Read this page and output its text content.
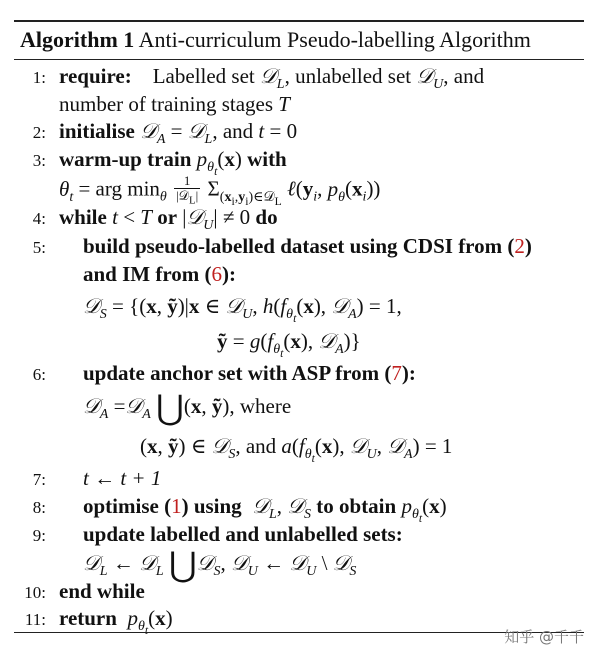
Algorithm 1 Anti-curriculum Pseudo-labelling Algorithm
1: require: Labelled set 𝒟$_L$, unlabelled set 𝒟$_U$, and
number of training stages T
2: initialise 𝒟$_A$ = 𝒟$_L$, and t = 0
3: warm-up train $p_{\theta_t}(x)$ with
$\theta_t$ = arg $\min_\theta \frac{1}{|𝒟_L|} \Sigma_{(x_i,y_i)\in 𝒟_L}$ $\ell(y_i$, $p_\theta(x_i)$)
4: while t < T or |𝒟$_U$| ≠ 0 do
5: build pseudo-labelled dataset using CDSI from (2)
and IM from (6):
𝒟$_S$ = {(x, ỹ)|x ∈ 𝒟$_U$, $h(f_{\theta_t}(x)$, 𝒟$_A$) = 1,
ỹ = $g(f_{\theta_t}(x)$, 𝒟$_A$)}
6: update anchor set with ASP from (7):
𝒟$_A$ =𝒟$_A$ ⋃(x, ỹ), where
(x, ỹ) ∈ 𝒟$_S$, and $a(f_{\theta_t}(x)$, 𝒟$_U$, 𝒟$_A$) = 1
7: t ← t + 1
8: optimise (1) using 𝒟$_L$, 𝒟$_S$ to obtain $p_{\theta_t}(x)$
9: update labelled and unlabelled sets:
𝒟$_L$ ← 𝒟$_L$ ⋃𝒟$_S$, 𝒟$_U$ ← 𝒟$_U$ \ 𝒟$_S$
10: end while
11: return $p_{\theta_t}(x)$
知乎 @千千
